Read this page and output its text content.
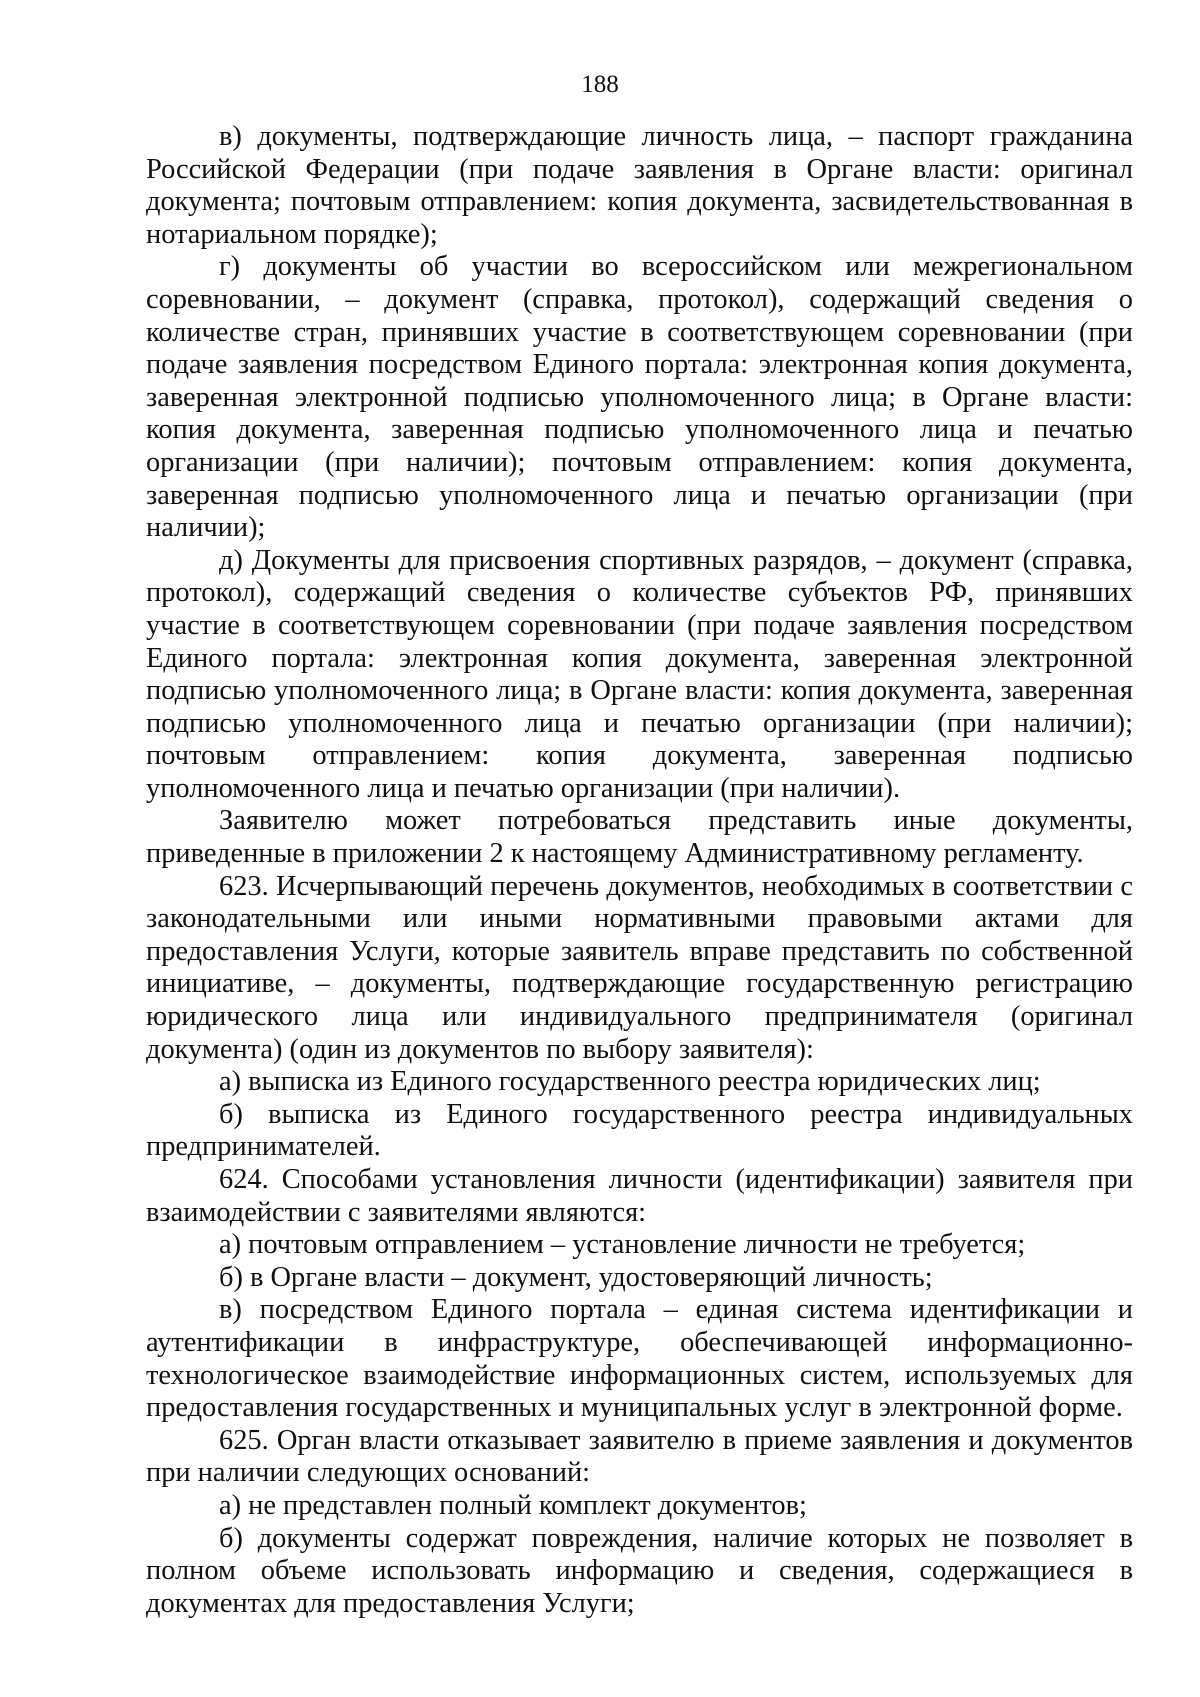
188

в) документы, подтверждающие личность лица, – паспорт гражданина Российской Федерации (при подаче заявления в Органе власти: оригинал документа; почтовым отправлением: копия документа, засвидетельствованная в нотариальном порядке);

г) документы об участии во всероссийском или межрегиональном соревновании, – документ (справка, протокол), содержащий сведения о количестве стран, принявших участие в соответствующем соревновании (при подаче заявления посредством Единого портала: электронная копия документа, заверенная электронной подписью уполномоченного лица; в Органе власти: копия документа, заверенная подписью уполномоченного лица и печатью организации (при наличии); почтовым отправлением: копия документа, заверенная подписью уполномоченного лица и печатью организации (при наличии);

д) Документы для присвоения спортивных разрядов, – документ (справка, протокол), содержащий сведения о количестве субъектов РФ, принявших участие в соответствующем соревновании (при подаче заявления посредством Единого портала: электронная копия документа, заверенная электронной подписью уполномоченного лица; в Органе власти: копия документа, заверенная подписью уполномоченного лица и печатью организации (при наличии); почтовым отправлением: копия документа, заверенная подписью уполномоченного лица и печатью организации (при наличии).

Заявителю может потребоваться представить иные документы, приведенные в приложении 2 к настоящему Административному регламенту.

623. Исчерпывающий перечень документов, необходимых в соответствии с законодательными или иными нормативными правовыми актами для предоставления Услуги, которые заявитель вправе представить по собственной инициативе, – документы, подтверждающие государственную регистрацию юридического лица или индивидуального предпринимателя (оригинал документа) (один из документов по выбору заявителя):

а) выписка из Единого государственного реестра юридических лиц;

б) выписка из Единого государственного реестра индивидуальных предпринимателей.

624. Способами установления личности (идентификации) заявителя при взаимодействии с заявителями являются:

а) почтовым отправлением – установление личности не требуется;

б) в Органе власти – документ, удостоверяющий личность;

в) посредством Единого портала – единая система идентификации и аутентификации в инфраструктуре, обеспечивающей информационно-технологическое взаимодействие информационных систем, используемых для предоставления государственных и муниципальных услуг в электронной форме.

625. Орган власти отказывает заявителю в приеме заявления и документов при наличии следующих оснований:

а) не представлен полный комплект документов;

б) документы содержат повреждения, наличие которых не позволяет в полном объеме использовать информацию и сведения, содержащиеся в документах для предоставления Услуги;
